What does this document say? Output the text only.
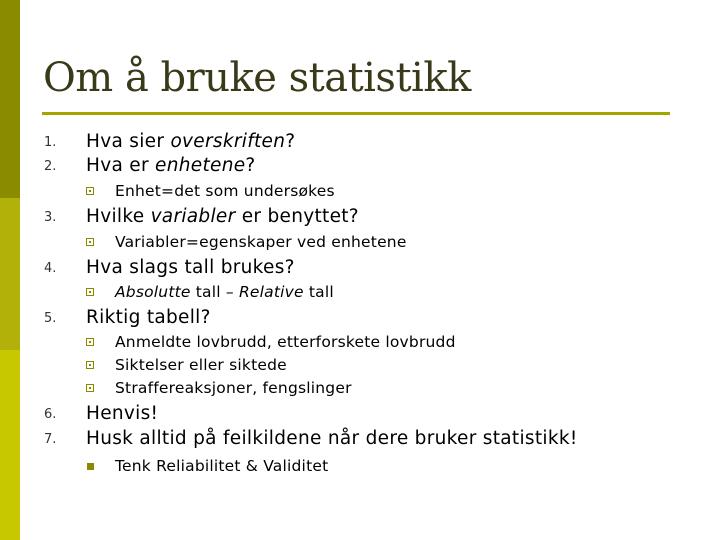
Om å bruke statistikk
1. Hva sier overskriften?
2. Hva er enhetene?
Enhet=det som undersøkes
3. Hvilke variabler er benyttet?
Variabler=egenskaper ved enhetene
4. Hva slags tall brukes?
Absolutte tall – Relative tall
5. Riktig tabell?
Anmeldte lovbrudd, etterforskete lovbrudd
Siktelser eller siktede
Straffereaksjoner, fengslinger
6. Henvis!
7. Husk alltid på feilkildene når dere bruker statistikk!
Tenk Reliabilitet & Validitet
